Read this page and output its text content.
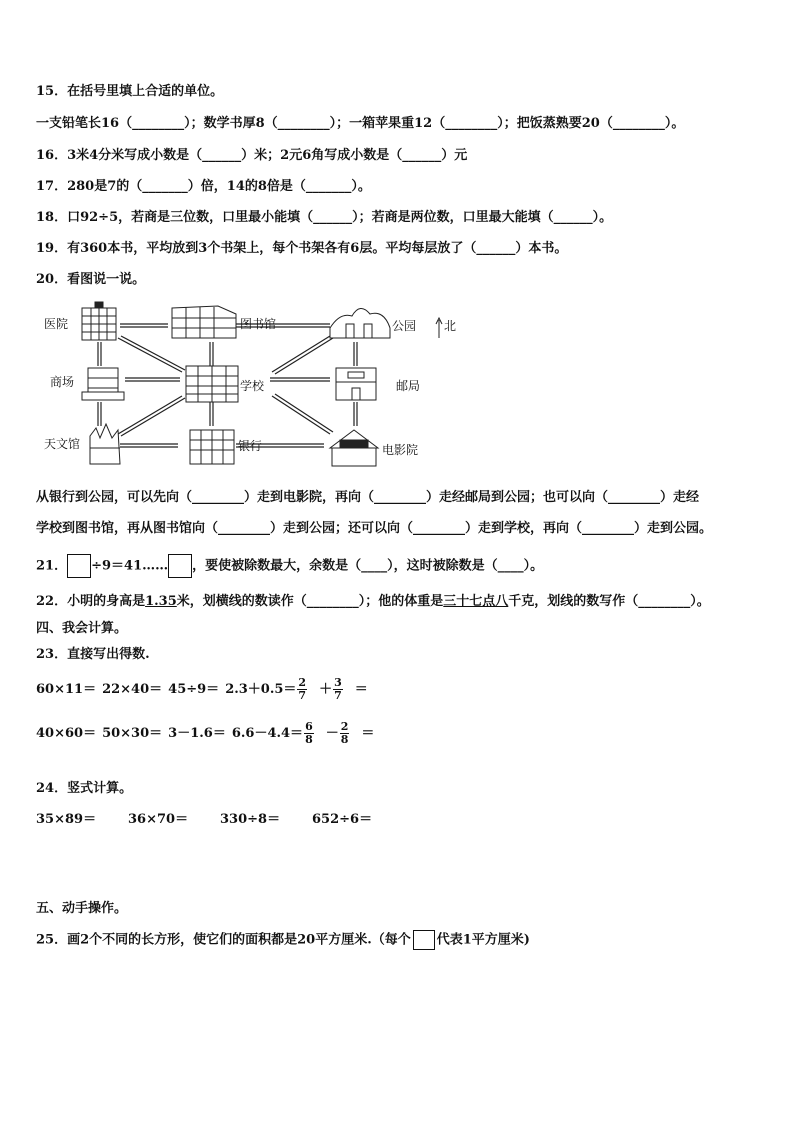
15．在括号里填上合适的单位。
一支铅笔长16（________）；数学书厚8（________）；一箱苹果重12（________）；把饭蒸熟要20（________）。
16．3米4分米写成小数是（______）米；2元6角写成小数是（______）元
17．280是7的（_______）倍，14的8倍是（_______）。
18．口92÷5，若商是三位数，口里最小能填（______）；若商是两位数，口里最大能填（______）。
19．有360本书，平均放到3个书架上，每个书架各有6层。平均每层放了（______）本书。
20．看图说一说。
医院	图书馆	公园 北
商场	学校	邮局
天文馆	银行	电影院
从银行到公园，可以先向（________）走到电影院，再向（________）走经邮局到公园；也可以向（________）走经
学校到图书馆，再从图书馆向（________）走到公园；还可以向（________）走到学校，再向（________）走到公园。
21． ÷9＝41…… ，要使被除数最大，余数是（____），这时被除数是（____）。
22．小明的身高是1.35米，划横线的数读作（________）；他的体重是三十七点八千克，划线的数写作（________）。
四、我会计算。
23．直接写出得数.
$60\times 11= 22\times 40= 45\div 9= 2.3+0.5= \frac{2}{7} + \frac{3}{7}$ ＝
$40\times 60= 50\times 30= 3-1.6= 6.6-4.4= \frac{6}{8} - \frac{2}{8}$ ＝
24．竖式计算。
35×89＝ 36×70＝ 330÷8＝ 652÷6＝
五、动手操作。
25．画2个不同的长方形，使它们的面积都是20平方厘米.（每个 代表1平方厘米)
